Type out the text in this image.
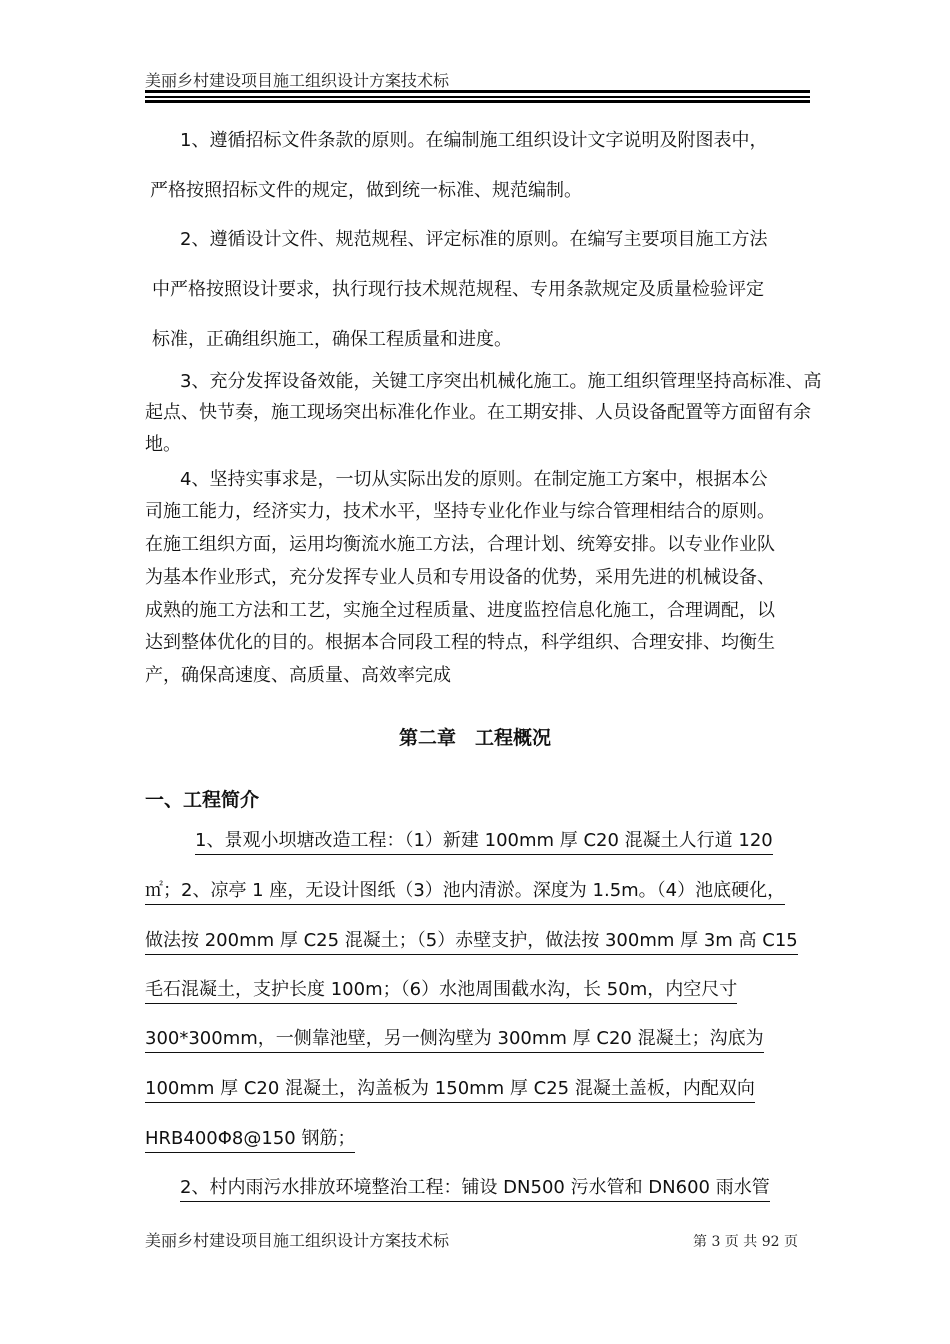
美丽乡村建设项目施工组织设计方案技术标
1、遵循招标文件条款的原则。在编制施工组织设计文字说明及附图表中，
严格按照招标文件的规定，做到统一标准、规范编制。
2、遵循设计文件、规范规程、评定标准的原则。在编写主要项目施工方法
中严格按照设计要求，执行现行技术规范规程、专用条款规定及质量检验评定
标准，正确组织施工，确保工程质量和进度。
3、充分发挥设备效能，关键工序突出机械化施工。施工组织管理坚持高标准、高
起点、快节奏，施工现场突出标准化作业。在工期安排、人员设备配置等方面留有余
地。
4、坚持实事求是，一切从实际出发的原则。在制定施工方案中，根据本公
司施工能力，经济实力，技术水平，坚持专业化作业与综合管理相结合的原则。
在施工组织方面，运用均衡流水施工方法，合理计划、统筹安排。以专业作业队
为基本作业形式，充分发挥专业人员和专用设备的优势，采用先进的机械设备、
成熟的施工方法和工艺，实施全过程质量、进度监控信息化施工，合理调配，以
达到整体优化的目的。根据本合同段工程的特点，科学组织、合理安排、均衡生
产，确保高速度、高质量、高效率完成
第二章　工程概况
一、工程简介
1、景观小坝塘改造工程：（1）新建 100mm 厚 C20 混凝土人行道 120
㎡；2、凉亭 1 座，无设计图纸（3）池内清淤。深度为 1.5m。（4）池底硬化，
做法按 200mm 厚 C25 混凝土；（5）赤壁支护，做法按 300mm 厚 3m 高 C15
毛石混凝土，支护长度 100m；（6）水池周围截水沟，长 50m，内空尺寸
300*300mm，一侧靠池壁，另一侧沟壁为 300mm 厚 C20 混凝土；沟底为
100mm 厚 C20 混凝土，沟盖板为 150mm 厚 C25 混凝土盖板，内配双向
HRB400Φ8@150 钢筋；
2、村内雨污水排放环境整治工程：铺设 DN500 污水管和 DN600 雨水管
美丽乡村建设项目施工组织设计方案技术标	第 3 页 共 92 页
